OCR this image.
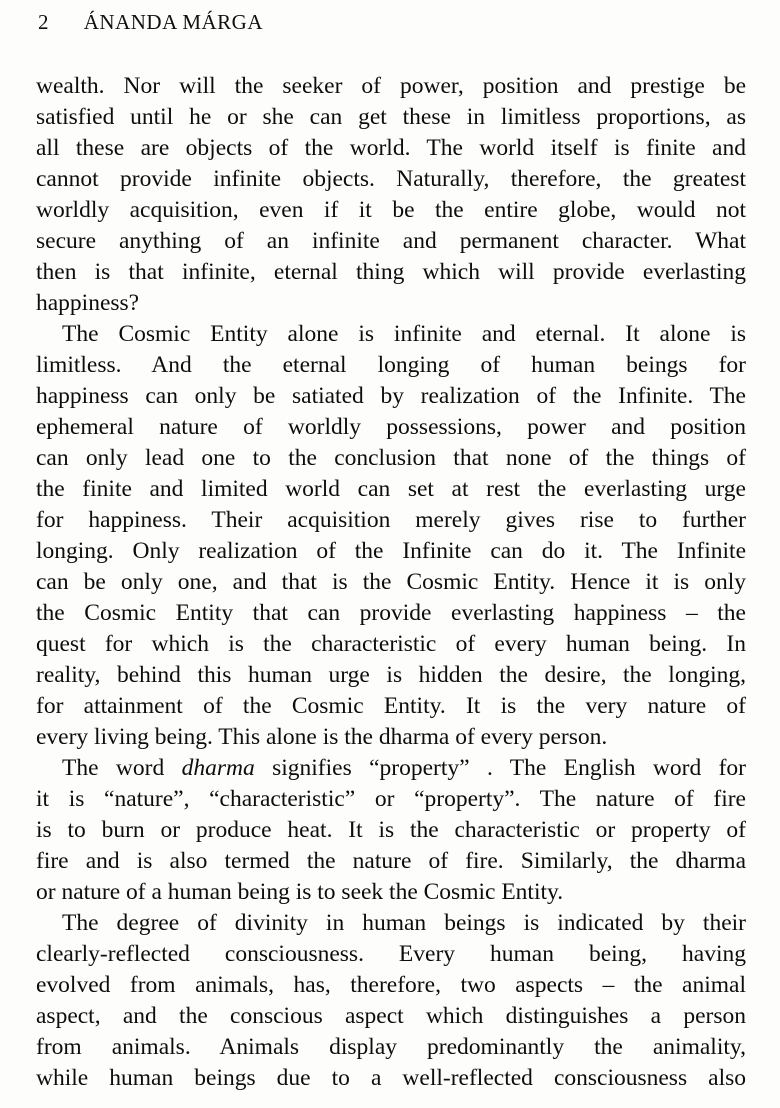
2 ÁNANDA MÁRGA
wealth. Nor will the seeker of power, position and prestige be
satisfied until he or she can get these in limitless proportions, as
all these are objects of the world. The world itself is finite and
cannot provide infinite objects. Naturally, therefore, the greatest
worldly acquisition, even if it be the entire globe, would not
secure anything of an infinite and permanent character. What
then is that infinite, eternal thing which will provide everlasting
happiness?
The Cosmic Entity alone is infinite and eternal. It alone is
limitless. And the eternal longing of human beings for
happiness can only be satiated by realization of the Infinite. The
ephemeral nature of worldly possessions, power and position
can only lead one to the conclusion that none of the things of
the finite and limited world can set at rest the everlasting urge
for happiness. Their acquisition merely gives rise to further
longing. Only realization of the Infinite can do it. The Infinite
can be only one, and that is the Cosmic Entity. Hence it is only
the Cosmic Entity that can provide everlasting happiness – the
quest for which is the characteristic of every human being. In
reality, behind this human urge is hidden the desire, the longing,
for attainment of the Cosmic Entity. It is the very nature of
every living being. This alone is the dharma of every person.
The word dharma signifies “property” . The English word for
it is “nature”, “characteristic” or “property”. The nature of fire
is to burn or produce heat. It is the characteristic or property of
fire and is also termed the nature of fire. Similarly, the dharma
or nature of a human being is to seek the Cosmic Entity.
The degree of divinity in human beings is indicated by their
clearly-reflected consciousness. Every human being, having
evolved from animals, has, therefore, two aspects – the animal
aspect, and the conscious aspect which distinguishes a person
from animals. Animals display predominantly the animality,
while human beings due to a well-reflected consciousness also
